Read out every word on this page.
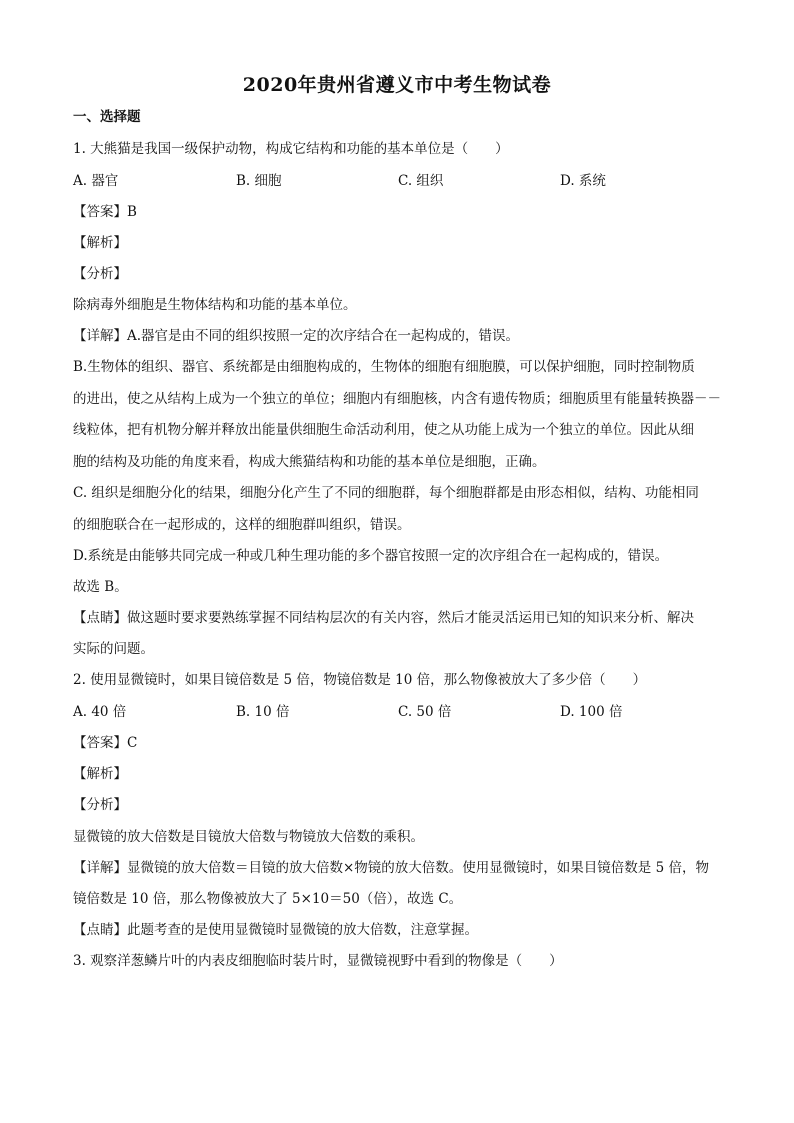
2020年贵州省遵义市中考生物试卷
一、选择题
1. 大熊猫是我国一级保护动物，构成它结构和功能的基本单位是（　　）
A. 器官	B. 细胞	C. 组织	D. 系统
【答案】B
【解析】
【分析】
除病毒外细胞是生物体结构和功能的基本单位。
【详解】A.器官是由不同的组织按照一定的次序结合在一起构成的，错误。
B.生物体的组织、器官、系统都是由细胞构成的，生物体的细胞有细胞膜，可以保护细胞，同时控制物质
的进出，使之从结构上成为一个独立的单位；细胞内有细胞核，内含有遗传物质；细胞质里有能量转换器－－
线粒体，把有机物分解并释放出能量供细胞生命活动利用，使之从功能上成为一个独立的单位。因此从细
胞的结构及功能的角度来看，构成大熊猫结构和功能的基本单位是细胞，正确。
C. 组织是细胞分化的结果，细胞分化产生了不同的细胞群，每个细胞群都是由形态相似，结构、功能相同
的细胞联合在一起形成的，这样的细胞群叫组织，错误。
D.系统是由能够共同完成一种或几种生理功能的多个器官按照一定的次序组合在一起构成的，错误。
故选 B。
【点睛】做这题时要求要熟练掌握不同结构层次的有关内容，然后才能灵活运用已知的知识来分析、解决
实际的问题。
2. 使用显微镜时，如果目镜倍数是 5 倍，物镜倍数是 10 倍，那么物像被放大了多少倍（　　）
A. 40 倍	B. 10 倍	C. 50 倍	D. 100 倍
【答案】C
【解析】
【分析】
显微镜的放大倍数是目镜放大倍数与物镜放大倍数的乘积。
【详解】显微镜的放大倍数＝目镜的放大倍数×物镜的放大倍数。使用显微镜时，如果目镜倍数是 5 倍，物
镜倍数是 10 倍，那么物像被放大了 5×10＝50（倍），故选 C。
【点睛】此题考查的是使用显微镜时显微镜的放大倍数，注意掌握。
3. 观察洋葱鳞片叶的内表皮细胞临时装片时，显微镜视野中看到的物像是（　　）
